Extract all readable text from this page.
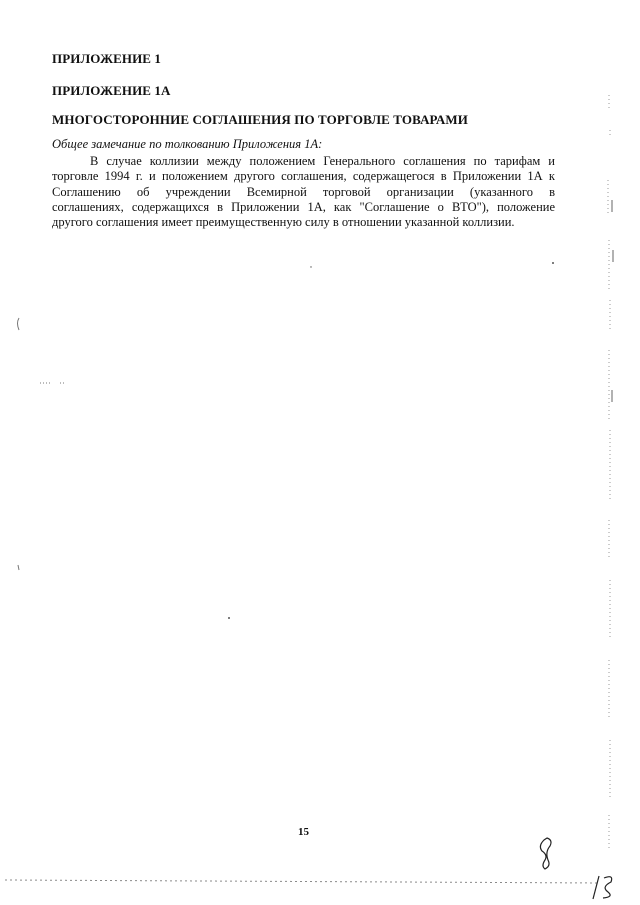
ПРИЛОЖЕНИЕ 1
ПРИЛОЖЕНИЕ 1А
МНОГОСТОРОННИЕ СОГЛАШЕНИЯ ПО ТОРГОВЛЕ ТОВАРАМИ
Общее замечание по толкованию Приложения 1А:
В случае коллизии между положением Генерального соглашения по тарифам и
торговле 1994 г. и положением другого соглашения, содержащегося в Приложении 1А к
Соглашению об учреждении Всемирной торговой организации (указанного в
соглашениях, содержащихся в Приложении 1А, как "Соглашение о ВТО"), положение
другого соглашения имеет преимущественную силу в отношении указанной коллизии.
15
